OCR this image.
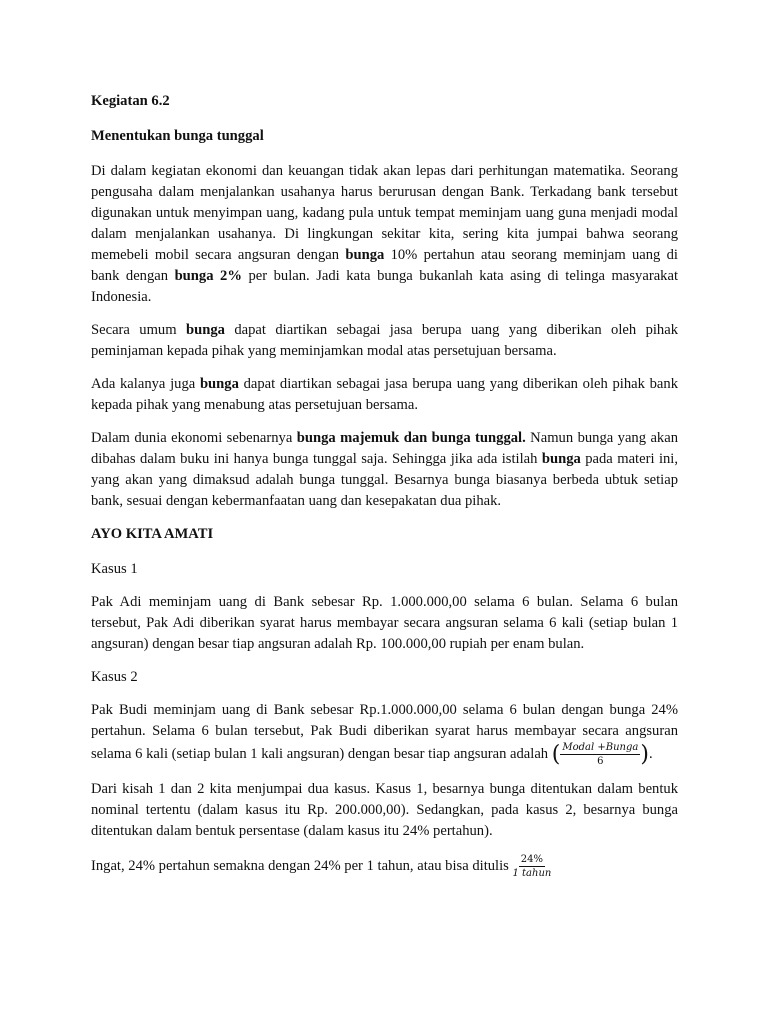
Kegiatan 6.2
Menentukan bunga tunggal

Di dalam kegiatan ekonomi dan keuangan tidak akan lepas dari perhitungan matematika. Seorang pengusaha dalam menjalankan usahanya harus berurusan dengan Bank. Terkadang bank tersebut digunakan untuk menyimpan uang, kadang pula untuk tempat meminjam uang guna menjadi modal dalam menjalankan usahanya. Di lingkungan sekitar kita, sering kita jumpai bahwa seorang memebeli mobil secara angsuran dengan bunga 10% pertahun atau seorang meminjam uang di bank dengan bunga 2% per bulan. Jadi kata bunga bukanlah kata asing di telinga masyarakat Indonesia.

Secara umum bunga dapat diartikan sebagai jasa berupa uang yang diberikan oleh pihak peminjaman kepada pihak yang meminjamkan modal atas persetujuan bersama.

Ada kalanya juga bunga dapat diartikan sebagai jasa berupa uang yang diberikan oleh pihak bank kepada pihak yang menabung atas persetujuan bersama.

Dalam dunia ekonomi sebenarnya bunga majemuk dan bunga tunggal. Namun bunga yang akan dibahas dalam buku ini hanya bunga tunggal saja. Sehingga jika ada istilah bunga pada materi ini, yang akan yang dimaksud adalah bunga tunggal. Besarnya bunga biasanya berbeda ubtuk setiap bank, sesuai dengan kebermanfaatan uang dan kesepakatan dua pihak.

AYO KITA AMATI

Kasus 1

Pak Adi meminjam uang di Bank sebesar Rp. 1.000.000,00 selama 6 bulan. Selama 6 bulan tersebut, Pak Adi diberikan syarat harus membayar secara angsuran selama 6 kali (setiap bulan 1 angsuran) dengan besar tiap angsuran adalah Rp. 100.000,00 rupiah per enam bulan.

Kasus 2

Pak Budi meminjam uang di Bank sebesar Rp.1.000.000,00 selama 6 bulan dengan bunga 24% pertahun. Selama 6 bulan tersebut, Pak Budi diberikan syarat harus membayar secara angsuran selama 6 kali (setiap bulan 1 kali angsuran) dengan besar tiap angsuran adalah ( $\frac{\text{Modal +Bunga}}{6}$ ).

Dari kisah 1 dan 2 kita menjumpai dua kasus. Kasus 1, besarnya bunga ditentukan dalam bentuk nominal tertentu (dalam kasus itu Rp. 200.000,00). Sedangkan, pada kasus 2, besarnya bunga ditentukan dalam bentuk persentase (dalam kasus itu 24% pertahun).

Ingat, 24% pertahun semakna dengan 24% per 1 tahun, atau bisa ditulis $\frac{24\%}{\text{1 tahun}}$
